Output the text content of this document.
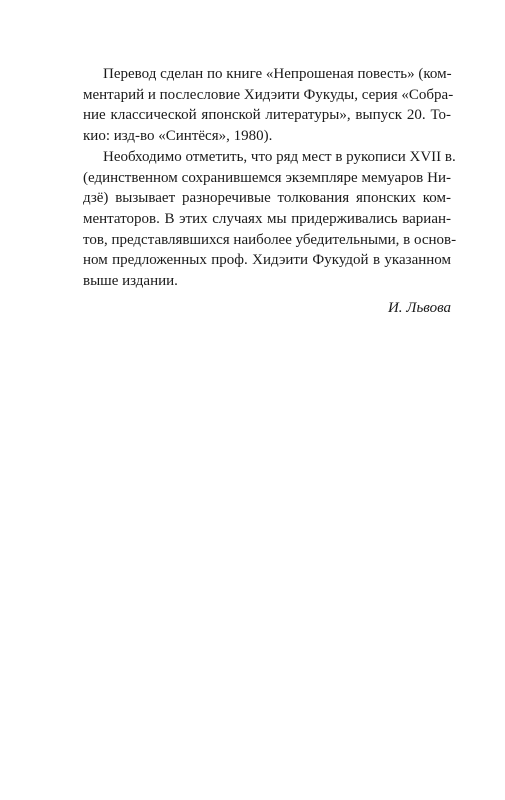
Перевод сделан по книге «Непрошеная повесть» (ком-
ментарий и послесловие Хидэити Фукуды, серия «Собра-
ние классической японской литературы», выпуск 20. То-
кио: изд-во «Синтёся», 1980).
Необходимо отметить, что ряд мест в рукописи XVII в.
(единственном сохранившемся экземпляре мемуаров Ни-
дзё) вызывает разноречивые толкования японских ком-
ментаторов. В этих случаях мы придерживались вариан-
тов, представлявшихся наиболее убедительными, в основ-
ном предложенных проф. Хидэити Фукудой в указанном
выше издании.
И. Львова
